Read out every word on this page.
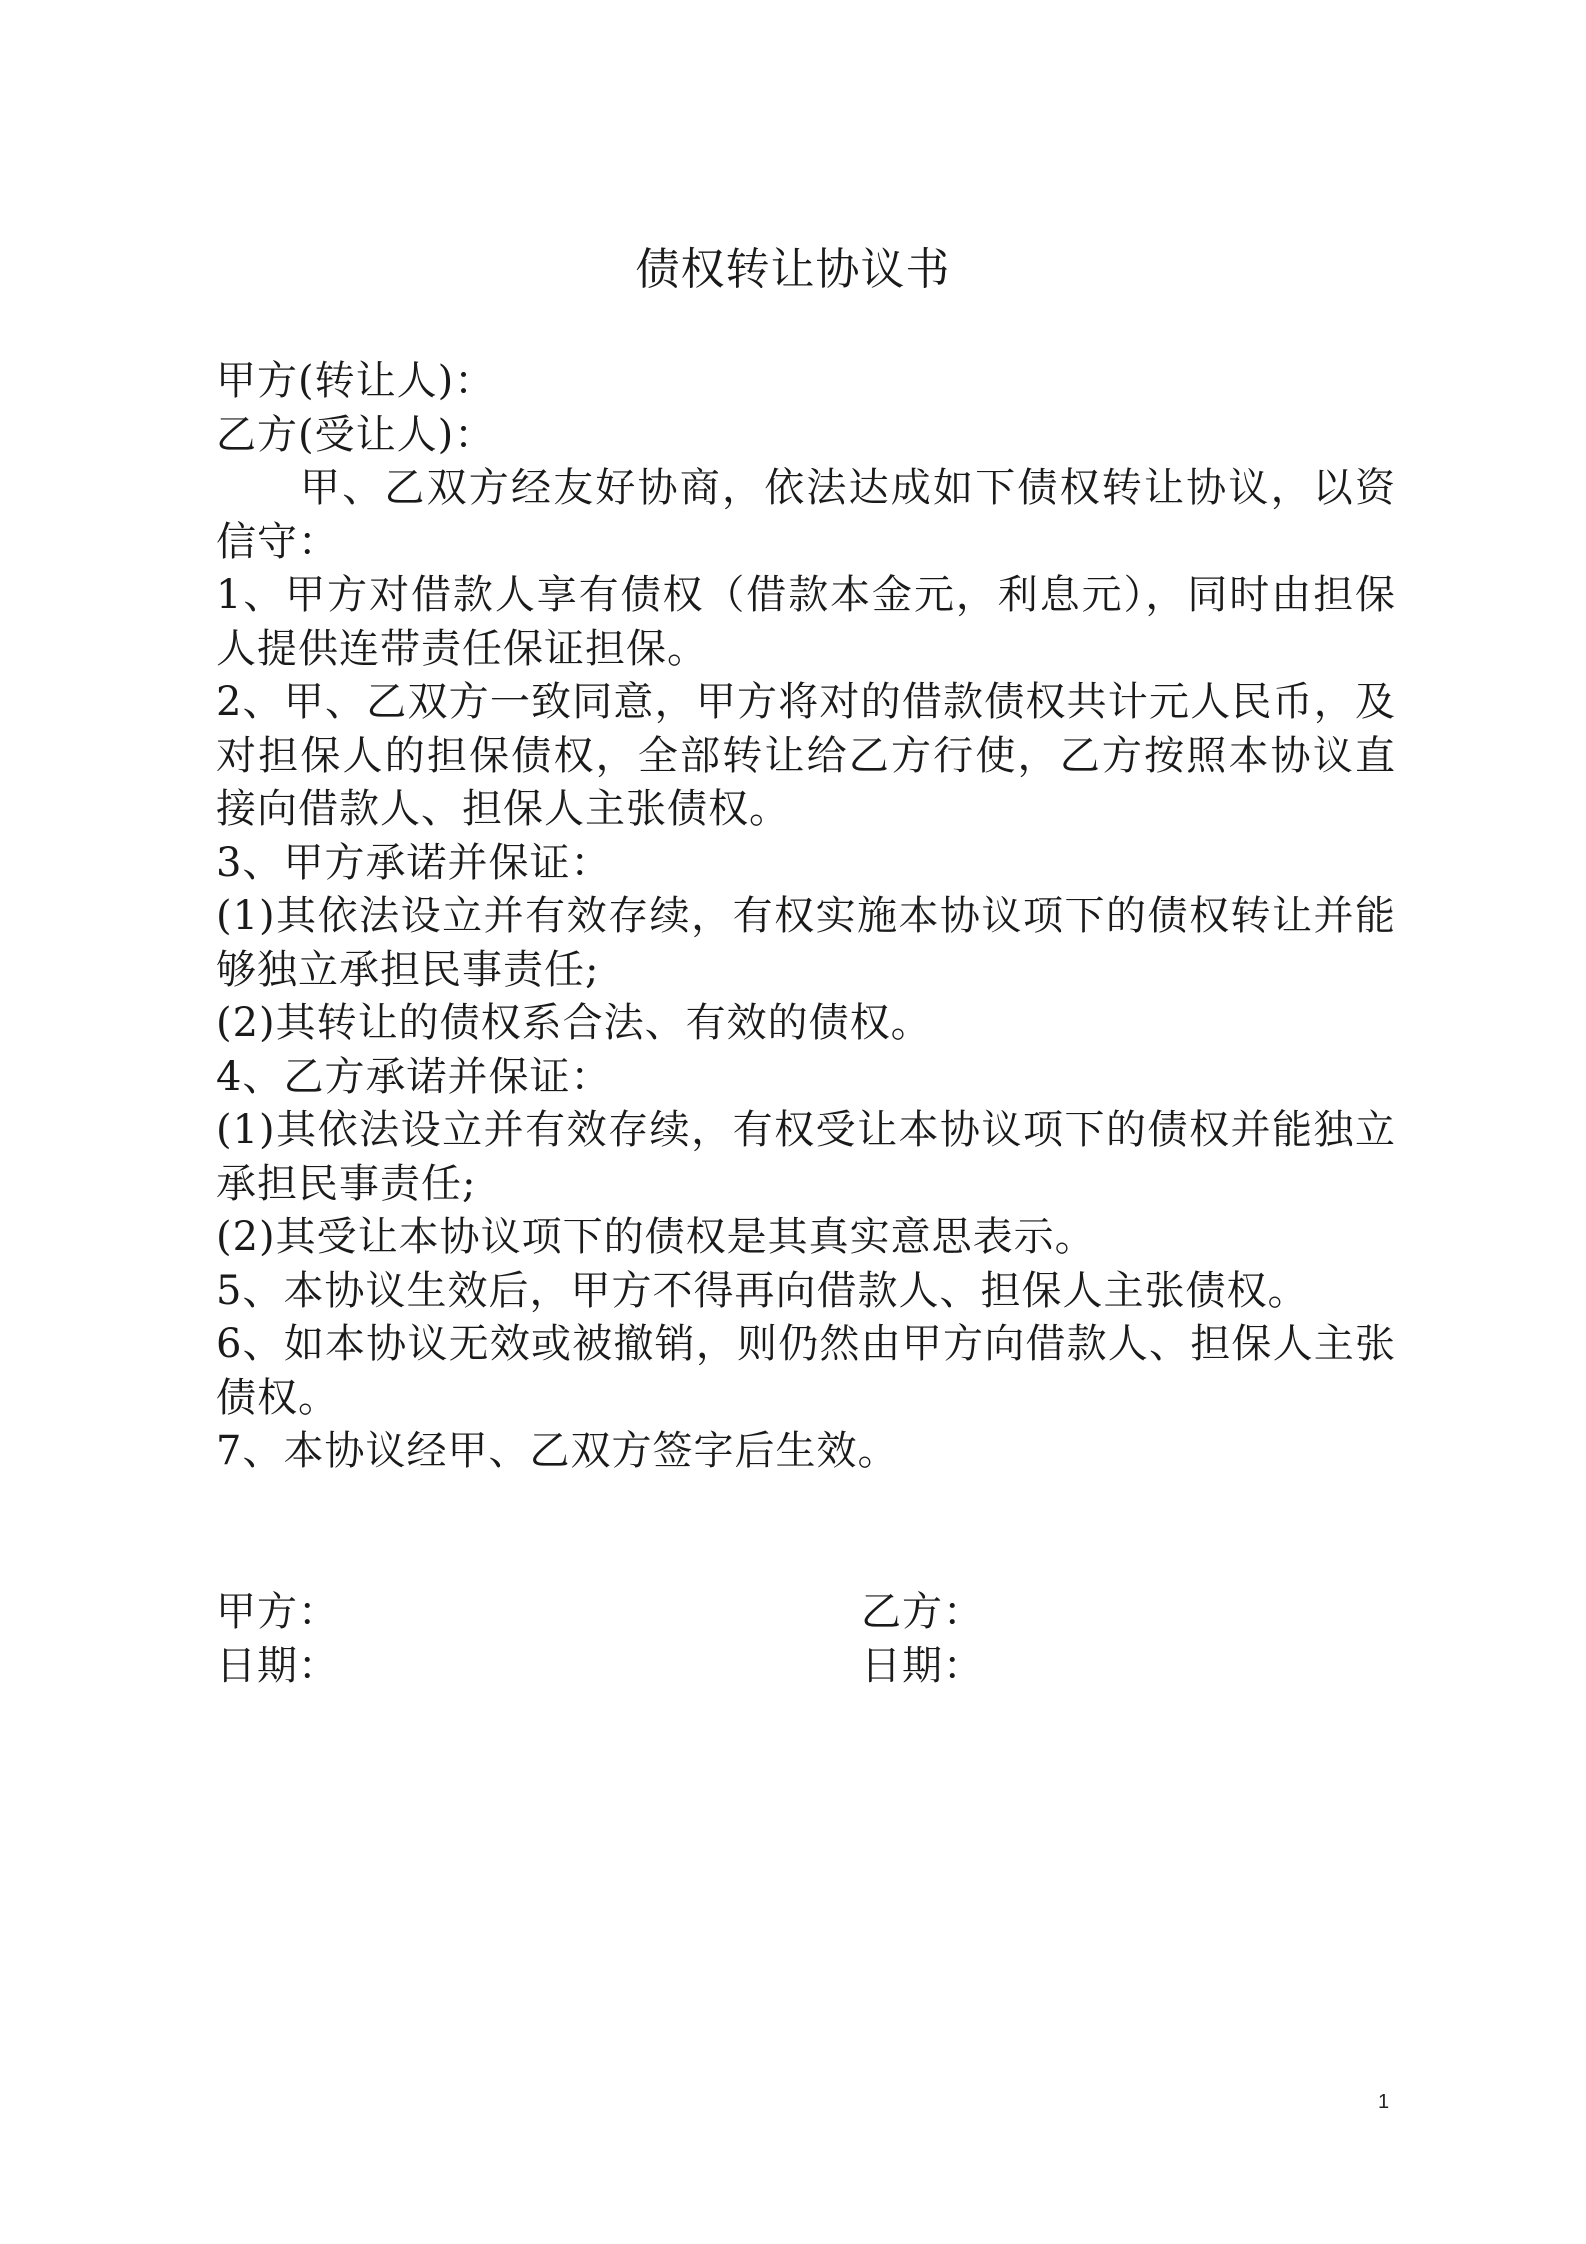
债权转让协议书

甲方(转让人)：

乙方(受让人)：

甲、乙双方经友好协商，依法达成如下债权转让协议，以资信守：

1、甲方对借款人享有债权（借款本金元，利息元），同时由担保人提供连带责任保证担保。

2、甲、乙双方一致同意，甲方将对的借款债权共计元人民币，及对担保人的担保债权，全部转让给乙方行使，乙方按照本协议直接向借款人、担保人主张债权。

3、甲方承诺并保证：

(1)其依法设立并有效存续，有权实施本协议项下的债权转让并能够独立承担民事责任;

(2)其转让的债权系合法、有效的债权。

4、乙方承诺并保证：

(1)其依法设立并有效存续，有权受让本协议项下的债权并能独立承担民事责任;

(2)其受让本协议项下的债权是其真实意思表示。

5、本协议生效后，甲方不得再向借款人、担保人主张债权。

6、如本协议无效或被撤销，则仍然由甲方向借款人、担保人主张债权。

7、本协议经甲、乙双方签字后生效。

甲方：	乙方：
日期：	日期：
1
